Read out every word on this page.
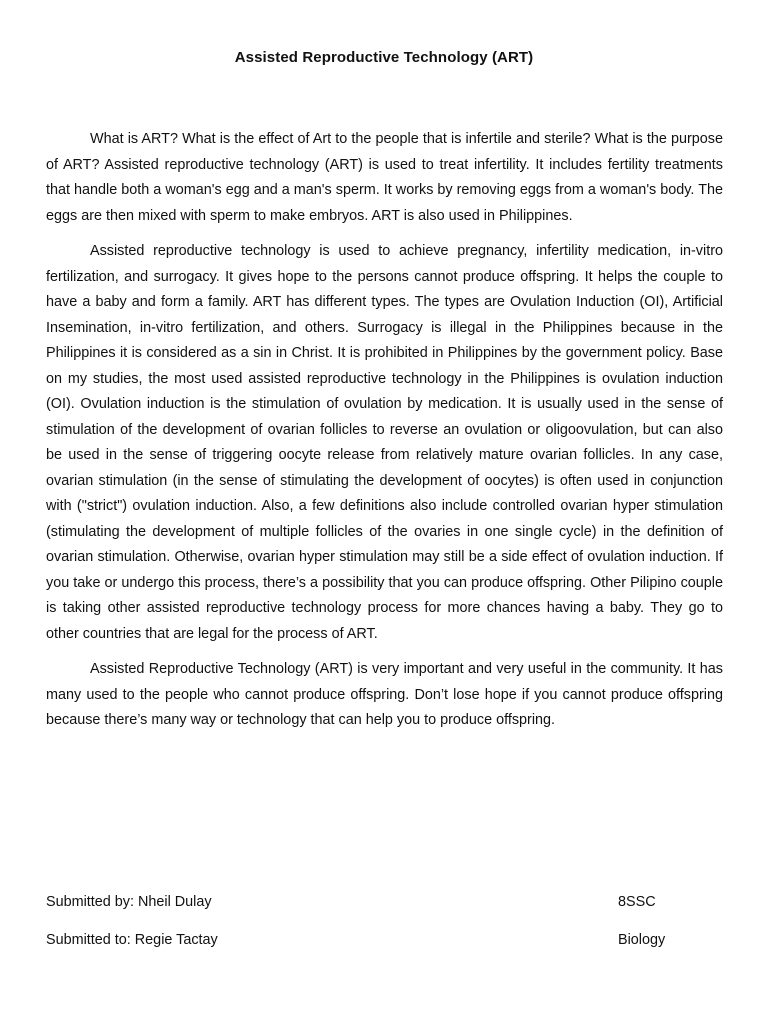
Assisted Reproductive Technology (ART)

What is ART? What is the effect of Art to the people that is infertile and sterile? What is the purpose of ART? Assisted reproductive technology (ART) is used to treat infertility. It includes fertility treatments that handle both a woman's egg and a man's sperm. It works by removing eggs from a woman's body. The eggs are then mixed with sperm to make embryos. ART is also used in Philippines.

Assisted reproductive technology is used to achieve pregnancy, infertility medication, in-vitro fertilization, and surrogacy. It gives hope to the persons cannot produce offspring. It helps the couple to have a baby and form a family. ART has different types. The types are Ovulation Induction (OI), Artificial Insemination, in-vitro fertilization, and others. Surrogacy is illegal in the Philippines because in the Philippines it is considered as a sin in Christ. It is prohibited in Philippines by the government policy. Base on my studies, the most used assisted reproductive technology in the Philippines is ovulation induction (OI). Ovulation induction is the stimulation of ovulation by medication. It is usually used in the sense of stimulation of the development of ovarian follicles to reverse an ovulation or oligoovulation, but can also be used in the sense of triggering oocyte release from relatively mature ovarian follicles. In any case, ovarian stimulation (in the sense of stimulating the development of oocytes) is often used in conjunction with ("strict") ovulation induction. Also, a few definitions also include controlled ovarian hyper stimulation (stimulating the development of multiple follicles of the ovaries in one single cycle) in the definition of ovarian stimulation. Otherwise, ovarian hyper stimulation may still be a side effect of ovulation induction. If you take or undergo this process, there’s a possibility that you can produce offspring. Other Pilipino couple is taking other assisted reproductive technology process for more chances having a baby. They go to other countries that are legal for the process of ART.

Assisted Reproductive Technology (ART) is very important and very useful in the community. It has many used to the people who cannot produce offspring. Don’t lose hope if you cannot produce offspring because there’s many way or technology that can help you to produce offspring.

Submitted by: Nheil Dulay	8SSC
Submitted to: Regie Tactay	Biology
